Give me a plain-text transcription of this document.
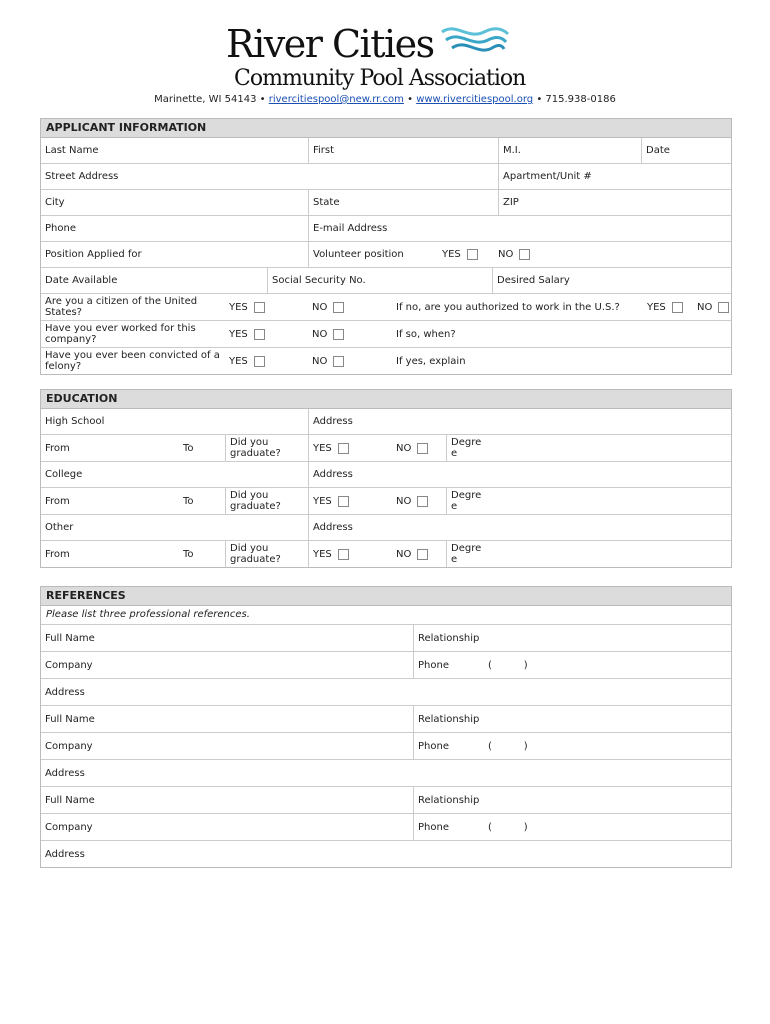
River Cities
Community Pool Association
Marinette, WI 54143 • riverciti​espool@new.rr.com • www.riverci​tiespool.org • 715.938-0186
APPLICANT INFORMATION
Last Name	First	M.I.	Date
Street Address	Apartment/Unit #
City	State	ZIP
Phone	E-mail Address
Position Applied for	Volunteer position	YES	NO
Date Available	Social Security No.	Desired Salary
Are you a citizen of the United States?	YES	NO	If no, are you authorized to work in the U.S.?	YES	NO
Have you ever worked for this company?	YES	NO	If so, when?
Have you ever been convicted of a felony?	YES	NO	If yes, explain
EDUCATION
High School	Address
From	To	Did you graduate?	YES	NO	Degre e
College	Address
From	To	Did you graduate?	YES	NO	Degre e
Other	Address
From	To	Did you graduate?	YES	NO	Degre e
REFERENCES
Please list three professional references.
Full Name	Relationship
Company	Phone	(          )
Address
Full Name	Relationship
Company	Phone	(          )
Address
Full Name	Relationship
Company	Phone	(          )
Address
